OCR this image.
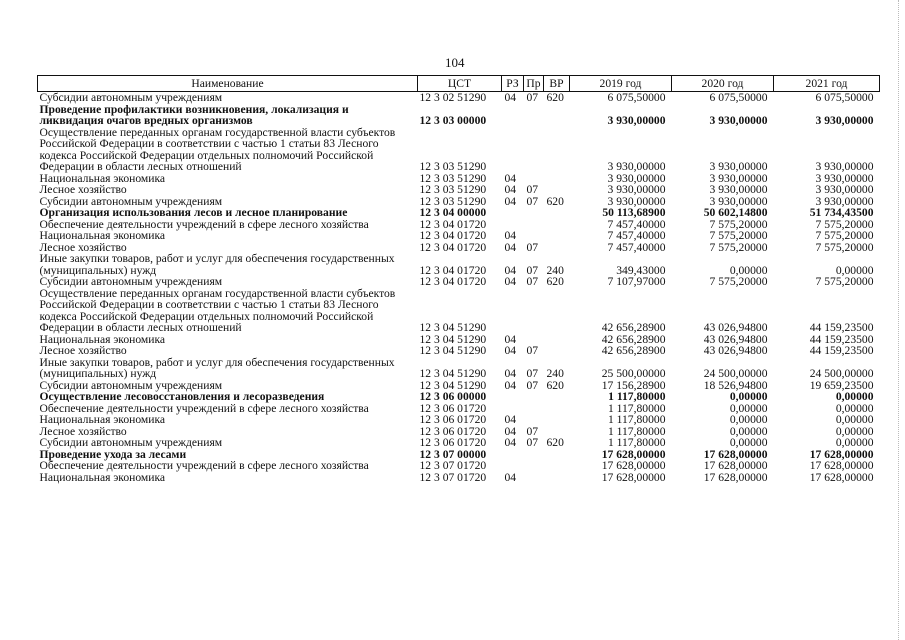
104
Наименование	ЦСТ	РЗ	Пр	ВР	2019 год	2020 год	2021 год
Субсидии автономным учреждениям	12 3 02 51290	04	07	620	6 075,50000	6 075,50000	6 075,50000
Проведение профилактики возникновения, локализация и ликвидация очагов вредных организмов	12 3 03 00000				3 930,00000	3 930,00000	3 930,00000
Осуществление переданных органам государственной власти субъектов Российской Федерации в соответствии с частью 1 статьи 83 Лесного кодекса Российской Федерации отдельных полномочий Российской Федерации в области лесных отношений	12 3 03 51290				3 930,00000	3 930,00000	3 930,00000
Национальная экономика	12 3 03 51290	04			3 930,00000	3 930,00000	3 930,00000
Лесное хозяйство	12 3 03 51290	04	07		3 930,00000	3 930,00000	3 930,00000
Субсидии автономным учреждениям	12 3 03 51290	04	07	620	3 930,00000	3 930,00000	3 930,00000
Организация использования лесов и лесное планирование	12 3 04 00000				50 113,68900	50 602,14800	51 734,43500
Обеспечение деятельности учреждений в сфере лесного хозяйства	12 3 04 01720				7 457,40000	7 575,20000	7 575,20000
Национальная экономика	12 3 04 01720	04			7 457,40000	7 575,20000	7 575,20000
Лесное хозяйство	12 3 04 01720	04	07		7 457,40000	7 575,20000	7 575,20000
Иные закупки товаров, работ и услуг для обеспечения государственных (муниципальных) нужд	12 3 04 01720	04	07	240	349,43000	0,00000	0,00000
Субсидии автономным учреждениям	12 3 04 01720	04	07	620	7 107,97000	7 575,20000	7 575,20000
Осуществление переданных органам государственной власти субъектов Российской Федерации в соответствии с частью 1 статьи 83 Лесного кодекса Российской Федерации отдельных полномочий Российской Федерации в области лесных отношений	12 3 04 51290				42 656,28900	43 026,94800	44 159,23500
Национальная экономика	12 3 04 51290	04			42 656,28900	43 026,94800	44 159,23500
Лесное хозяйство	12 3 04 51290	04	07		42 656,28900	43 026,94800	44 159,23500
Иные закупки товаров, работ и услуг для обеспечения государственных (муниципальных) нужд	12 3 04 51290	04	07	240	25 500,00000	24 500,00000	24 500,00000
Субсидии автономным учреждениям	12 3 04 51290	04	07	620	17 156,28900	18 526,94800	19 659,23500
Осуществление лесовосстановления и лесоразведения	12 3 06 00000				1 117,80000	0,00000	0,00000
Обеспечение деятельности учреждений в сфере лесного хозяйства	12 3 06 01720				1 117,80000	0,00000	0,00000
Национальная экономика	12 3 06 01720	04			1 117,80000	0,00000	0,00000
Лесное хозяйство	12 3 06 01720	04	07		1 117,80000	0,00000	0,00000
Субсидии автономным учреждениям	12 3 06 01720	04	07	620	1 117,80000	0,00000	0,00000
Проведение ухода за лесами	12 3 07 00000				17 628,00000	17 628,00000	17 628,00000
Обеспечение деятельности учреждений в сфере лесного хозяйства	12 3 07 01720				17 628,00000	17 628,00000	17 628,00000
Национальная экономика	12 3 07 01720	04			17 628,00000	17 628,00000	17 628,00000
